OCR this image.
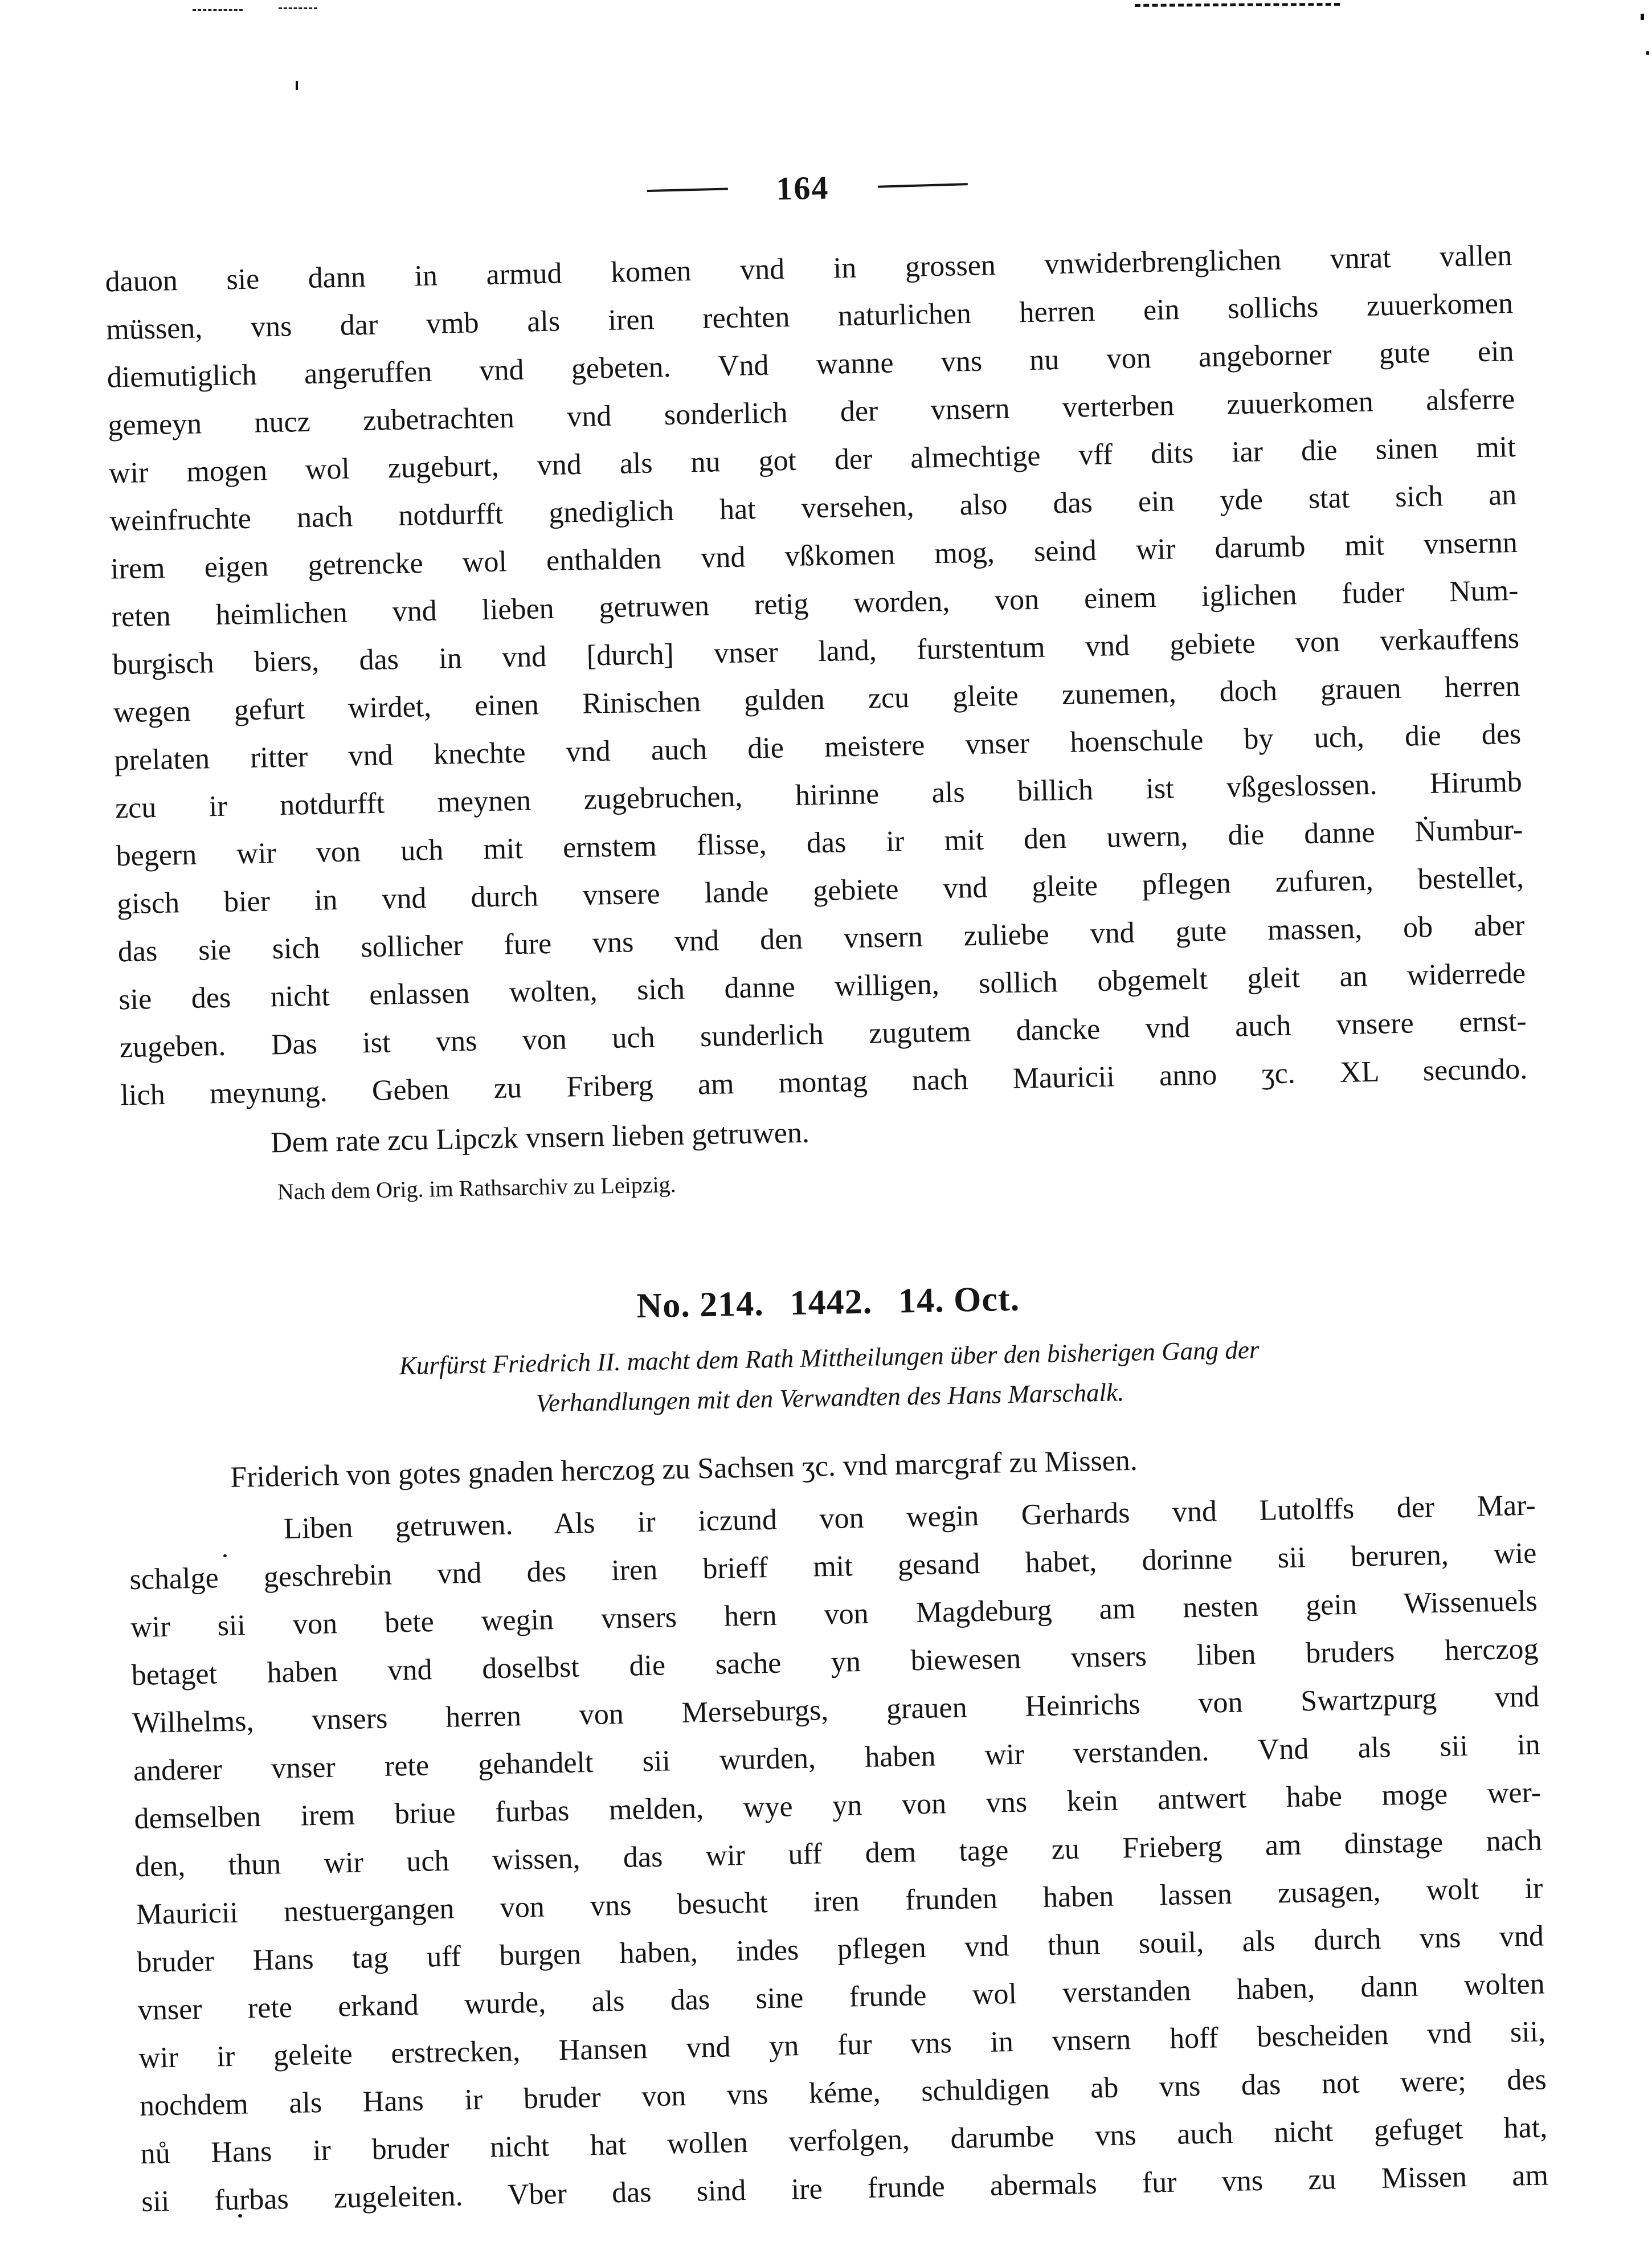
164
dauon sie dann in armud komen vnd in grossen vnwiderbrenglichen vnrat vallen
müssen, vns dar vmb als iren rechten naturlichen herren ein sollichs zuuerkomen
diemutiglich angeruffen vnd gebeten. Vnd wanne vns nu von angeborner gute ein
gemeyn nucz zubetrachten vnd sonderlich der vnsern verterben zuuerkomen alsferre
wir mogen wol zugeburt, vnd als nu got der almechtige vff dits iar die sinen mit
weinfruchte nach notdurfft gnediglich hat versehen, also das ein yde stat sich an
irem eigen getrencke wol enthalden vnd vßkomen mog, seind wir darumb mit vnsernn
reten heimlichen vnd lieben getruwen retig worden, von einem iglichen fuder Num-
burgisch biers, das in vnd [durch] vnser land, furstentum vnd gebiete von verkauffens
wegen gefurt wirdet, einen Rinischen gulden zcu gleite zunemen, doch grauen herren
prelaten ritter vnd knechte vnd auch die meistere vnser hoenschule by uch, die des
zcu ir notdurfft meynen zugebruchen, hirinne als billich ist vßgeslossen. Hirumb
begern wir von uch mit ernstem flisse, das ir mit den uwern, die danne Ṅumbur-
gisch bier in vnd durch vnsere lande gebiete vnd gleite pflegen zufuren, bestellet,
das sie sich sollicher fure vns vnd den vnsern zuliebe vnd gute massen, ob aber
sie des nicht enlassen wolten, sich danne willigen, sollich obgemelt gleit an widerrede
zugeben. Das ist vns von uch sunderlich zugutem dancke vnd auch vnsere ernst-
lich meynung. Geben zu Friberg am montag nach Mauricii anno ʒc. XL secundo.
Dem rate zcu Lipczk vnsern lieben getruwen.
Nach dem Orig. im Rathsarchiv zu Leipzig.
No. 214. 1442. 14. Oct.
Kurfürst Friedrich II. macht dem Rath Mittheilungen über den bisherigen Gang der
Verhandlungen mit den Verwandten des Hans Marschalk.
Friderich von gotes gnaden herczog zu Sachsen ʒc. vnd marcgraf zu Missen.
Liben getruwen. Als ir iczund von wegin Gerhards vnd Lutolffs der Mar-
schalge geschrebin vnd des iren brieff mit gesand habet, dorinne sii beruren, wie
wir sii von bete wegin vnsers hern von Magdeburg am nesten gein Wissenuels
betaget haben vnd doselbst die sache yn biewesen vnsers liben bruders herczog
Wilhelms, vnsers herren von Merseburgs, grauen Heinrichs von Swartzpurg vnd
anderer vnser rete gehandelt sii wurden, haben wir verstanden. Vnd als sii in
demselben irem briue furbas melden, wye yn von vns kein antwert habe moge wer-
den, thun wir uch wissen, das wir uff dem tage zu Frieberg am dinstage nach
Mauricii nestuergangen von vns besucht iren frunden haben lassen zusagen, wolt ir
bruder Hans tag uff burgen haben, indes pflegen vnd thun souil, als durch vns vnd
vnser rete erkand wurde, als das sine frunde wol verstanden haben, dann wolten
wir ir geleite erstrecken, Hansen vnd yn fur vns in vnsern hoff bescheiden vnd sii,
nochdem als Hans ir bruder von vns kéme, schuldigen ab vns das not were; des
nů Hans ir bruder nicht hat wollen verfolgen, darumbe vns auch nicht gefuget hat,
sii furbas zugeleiten. Vber das sind ire frunde abermals fur vns zu Missen am
